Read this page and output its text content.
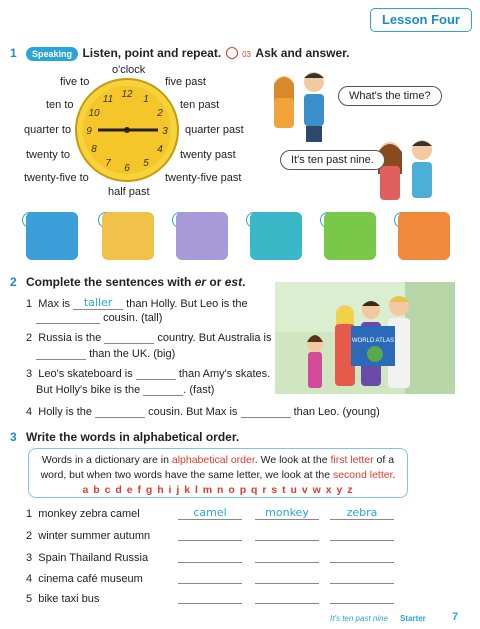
Lesson Four
1	Speaking Listen, point and repeat.	03 Ask and answer.
o'clock
five to	five past
ten to	ten past
quarter to	quarter past
twenty to	twenty past
twenty-five to	twenty-five past
half past
12 1
2
3
4
5
6
7
8
9
10
11	What's the time?
It's ten past nine.
2 Complete the sentences with er or est.
1 Max is taller than Holly. But Leo is the
cousin. (tall)
2 Russia is the	country. But Australia is
than the UK. (big)
3 Leo's skateboard is	than Amy's skates.
But Holly's bike is the	. (fast)
4 Holly is the	cousin. But Max is	than Leo. (young)
WORLD ATLAS
3 Write the words in alphabetical order.
Words in a dictionary are in alphabetical order. We look at the first letter of a word, but when two words have the same letter, we look at the second letter.
a b c d e f g h i j k l m n o p q r s t u v w x y z
1 monkey zebra camel	camel	monkey	zebra
2 winter summer autumn
3 Spain Thailand Russia
4 cinema café museum
5 bike taxi bus
It's ten past nine Starter 7
